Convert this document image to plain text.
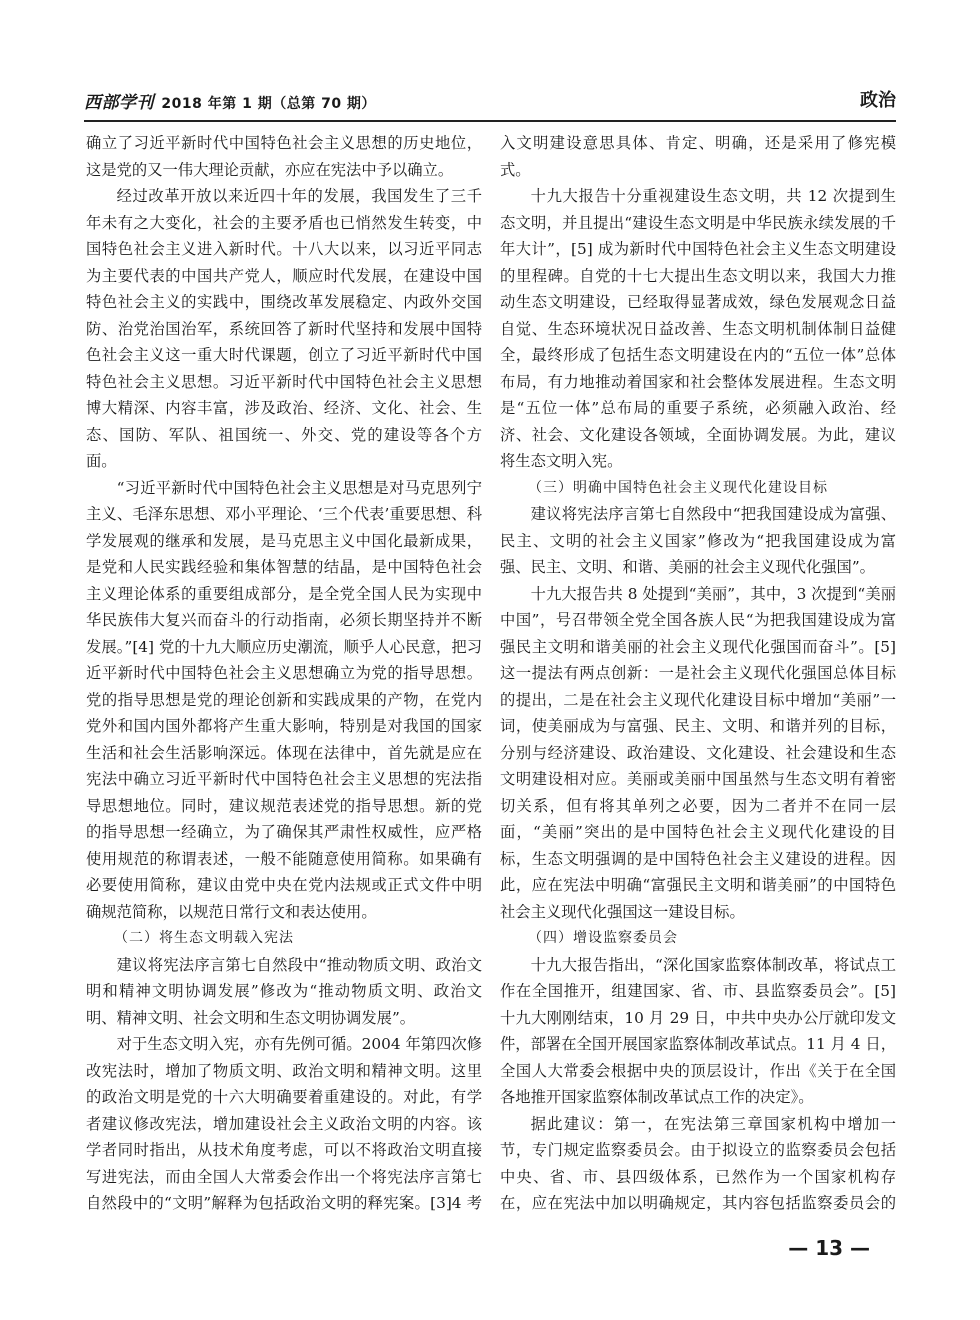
西部学刊 2018 年第 1 期（总第 70 期）	政治

确立了习近平新时代中国特色社会主义思想的历史地位，这是党的又一伟大理论贡献，亦应在宪法中予以确立。

经过改革开放以来近四十年的发展，我国发生了三千年未有之大变化，社会的主要矛盾也已悄然发生转变，中国特色社会主义进入新时代。十八大以来，以习近平同志为主要代表的中国共产党人，顺应时代发展，在建设中国特色社会主义的实践中，围绕改革发展稳定、内政外交国防、治党治国治军，系统回答了新时代坚持和发展中国特色社会主义这一重大时代课题，创立了习近平新时代中国特色社会主义思想。习近平新时代中国特色社会主义思想博大精深、内容丰富，涉及政治、经济、文化、社会、生态、国防、军队、祖国统一、外交、党的建设等各个方面。

“习近平新时代中国特色社会主义思想是对马克思列宁主义、毛泽东思想、邓小平理论、‘三个代表’重要思想、科学发展观的继承和发展，是马克思主义中国化最新成果，是党和人民实践经验和集体智慧的结晶，是中国特色社会主义理论体系的重要组成部分，是全党全国人民为实现中华民族伟大复兴而奋斗的行动指南，必须长期坚持并不断发展。”[4] 党的十九大顺应历史潮流，顺乎人心民意，把习近平新时代中国特色社会主义思想确立为党的指导思想。党的指导思想是党的理论创新和实践成果的产物，在党内党外和国内国外都将产生重大影响，特别是对我国的国家生活和社会生活影响深远。体现在法律中，首先就是应在宪法中确立习近平新时代中国特色社会主义思想的宪法指导思想地位。同时，建议规范表述党的指导思想。新的党的指导思想一经确立，为了确保其严肃性权威性，应严格使用规范的称谓表述，一般不能随意使用简称。如果确有必要使用简称，建议由党中央在党内法规或正式文件中明确规范简称，以规范日常行文和表达使用。

（二）将生态文明载入宪法

建议将宪法序言第七自然段中“推动物质文明、政治文明和精神文明协调发展”修改为“推动物质文明、政治文明、精神文明、社会文明和生态文明协调发展”。

对于生态文明入宪，亦有先例可循。2004 年第四次修改宪法时，增加了物质文明、政治文明和精神文明。这里的政治文明是党的十六大明确要着重建设的。对此，有学者建议修改宪法，增加建设社会主义政治文明的内容。该学者同时指出，从技术角度考虑，可以不将政治文明直接写进宪法，而由全国人大常委会作出一个将宪法序言第七自然段中的“文明”解释为包括政治文明的释宪案。[3]4 考

入文明建设意思具体、肯定、明确，还是采用了修宪模式。

十九大报告十分重视建设生态文明，共 12 次提到生态文明，并且提出“建设生态文明是中华民族永续发展的千年大计”，[5] 成为新时代中国特色社会主义生态文明建设的里程碑。自党的十七大提出生态文明以来，我国大力推动生态文明建设，已经取得显著成效，绿色发展观念日益自觉、生态环境状况日益改善、生态文明机制体制日益健全，最终形成了包括生态文明建设在内的“五位一体”总体布局，有力地推动着国家和社会整体发展进程。生态文明是“五位一体”总布局的重要子系统，必须融入政治、经济、社会、文化建设各领域，全面协调发展。为此，建议将生态文明入宪。

（三）明确中国特色社会主义现代化建设目标

建议将宪法序言第七自然段中“把我国建设成为富强、民主、文明的社会主义国家”修改为“把我国建设成为富强、民主、文明、和谐、美丽的社会主义现代化强国”。

十九大报告共 8 处提到“美丽”，其中，3 次提到“美丽中国”，号召带领全党全国各族人民“为把我国建设成为富强民主文明和谐美丽的社会主义现代化强国而奋斗”。[5] 这一提法有两点创新：一是社会主义现代化强国总体目标的提出，二是在社会主义现代化建设目标中增加“美丽”一词，使美丽成为与富强、民主、文明、和谐并列的目标，分别与经济建设、政治建设、文化建设、社会建设和生态文明建设相对应。美丽或美丽中国虽然与生态文明有着密切关系，但有将其单列之必要，因为二者并不在同一层面，“美丽”突出的是中国特色社会主义现代化建设的目标，生态文明强调的是中国特色社会主义建设的进程。因此，应在宪法中明确“富强民主文明和谐美丽”的中国特色社会主义现代化强国这一建设目标。

（四）增设监察委员会

十九大报告指出，“深化国家监察体制改革，将试点工作在全国推开，组建国家、省、市、县监察委员会”。[5] 十九大刚刚结束，10 月 29 日，中共中央办公厅就印发文件，部署在全国开展国家监察体制改革试点。11 月 4 日，全国人大常委会根据中央的顶层设计，作出《关于在全国各地推开国家监察体制改革试点工作的决定》。

据此建议：第一，在宪法第三章国家机构中增加一节，专门规定监察委员会。由于拟设立的监察委员会包括中央、省、市、县四级体系，已然作为一个国家机构存在，应在宪法中加以明确规定，其内容包括监察委员会的

— 13 —
